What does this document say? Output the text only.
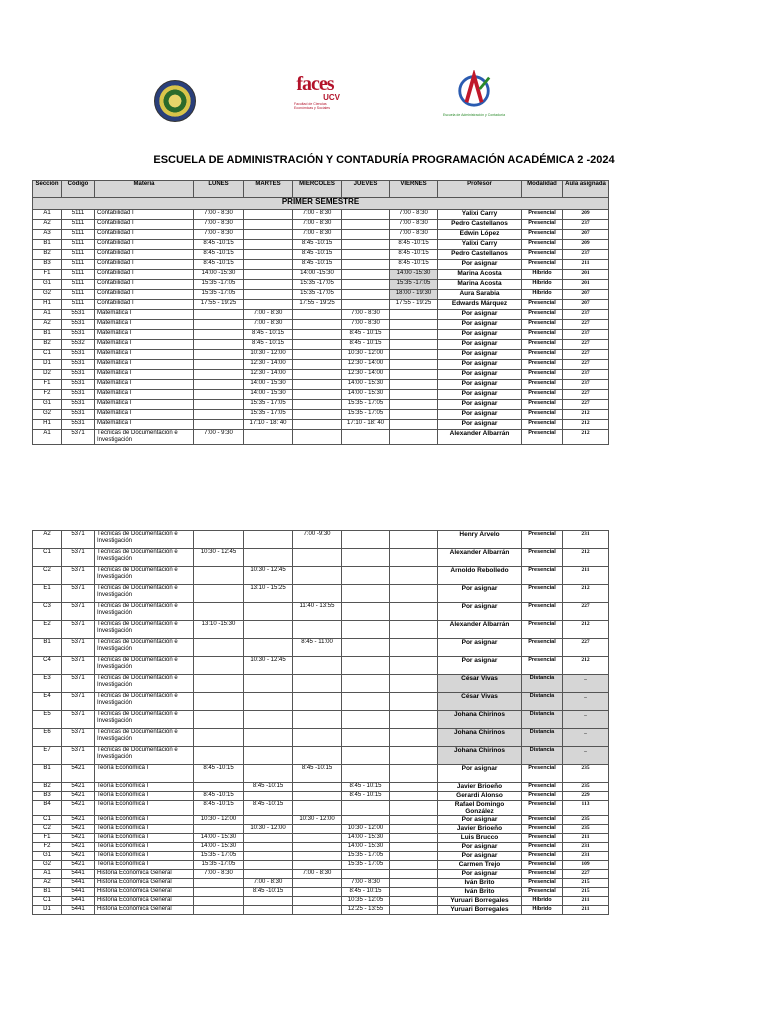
faces
UCV
Facultad de Ciencias Económicas y Sociales
Escuela de Administración y Contaduría
ESCUELA DE ADMINISTRACIÓN Y CONTADURÍA PROGRAMACIÓN ACADÉMICA 2 -2024
Sección	Código	Materia	LUNES	MARTES	MIERCOLES	JUEVES	VIERNES	Profesor	Modalidad	Aula asignada
PRIMER SEMESTRE										
A1	5111	Contabilidad I	7:00 - 8:30		7:00 - 8:30		7:00 - 8:30	Yalixi Carry	Presencial	209
A2	5111	Contabilidad I	7:00 - 8:30		7:00 - 8:30		7:00 - 8:30	Pedro Castellanos	Presencial	237
A3	5111	Contabilidad I	7:00 - 8:30		7:00 - 8:30		7:00 - 8:30	Edwin López	Presencial	207
B1	5111	Contabilidad I	8:45 -10:15		8:45 -10:15		8:45 -10:15	Yalixi Carry	Presencial	209
B2	5111	Contabilidad I	8:45 -10:15		8:45 -10:15		8:45 -10:15	Pedro Castellanos	Presencial	237
B3	5111	Contabilidad I	8:45 -10:15		8:45 -10:15		8:45 -10:15	Por asignar	Presencial	211
F1	5111	Contabilidad I	14:00 -15:30		14:00 -15:30		14:00 -15:30	Marina Acosta	Híbrido	201
G1	5111	Contabilidad I	15:35 -17:05		15:35 -17:05		15:35 -17:05	Marina Acosta	Híbrido	201
G2	5111	Contabilidad I	15:35 -17:05		15:35 -17:05		18:00 - 19:30	Aura Sarabia	Híbrido	207
H1	5111	Contabilidad I	17:55 - 19:25		17:55 - 19:25		17:55 - 19:25	Edwards Márquez	Presencial	207
A1	5531	Matemática I		7:00 - 8:30		7:00 - 8:30		Por asignar	Presencial	237
A2	5531	Matemática I		7:00 - 8:30		7:00 - 8:30		Por asignar	Presencial	227
B1	5531	Matemática I		8:45 - 10:15		8:45 - 10:15		Por asignar	Presencial	237
B2	5532	Matemática I		8:45 - 10:15		8:45 - 10:15		Por asignar	Presencial	227
C1	5531	Matemática I		10:30 - 12:00		10:30 - 12:00		Por asignar	Presencial	227
D1	5531	Matemática I		12:30 - 14:00		12:30 - 14:00		Por asignar	Presencial	227
D2	5531	Matemática I		12:30 - 14:00		12:30 - 14:00		Por asignar	Presencial	237
F1	5531	Matemática I		14:00 - 15:30		14:00 - 15:30		Por asignar	Presencial	237
F2	5531	Matemática I		14:00 - 15:30		14:00 - 15:30		Por asignar	Presencial	227
G1	5531	Matemática I		15:35 - 17:05		15:35 - 17:05		Por asignar	Presencial	227
G2	5531	Matemática I		15:35 - 17:05		15:35 - 17:05		Por asignar	Presencial	212
H1	5531	Matemática I		17:10 - 18: 40		17:10 - 18: 40		Por asignar	Presencial	212
A1	5371	Técnicas de Documentación e Investigación	7:00 - 9:30					Alexander Albarrán	Presencial	212
A2	5371	Técnicas de Documentación e Investigación			7:00 -9:30			Henry Arvelo	Presencial	231
C1	5371	Técnicas de Documentación e Investigación	10:30 - 12:45					Alexander Albarrán	Presencial	212
C2	5371	Técnicas de Documentación e Investigación		10:30 - 12:45				Arnoldo Rebolledo	Presencial	211
E1	5371	Técnicas de Documentación e Investigación		13:10 - 15:25				Por asignar	Presencial	212
C3	5371	Técnicas de Documentación e Investigación			11:40 - 13:55			Por asignar	Presencial	227
E2	5371	Técnicas de Documentación e Investigación	13:10 -15:30					Alexander Albarrán	Presencial	212
B1	5371	Técnicas de Documentación e Investigación			8:45 - 11:00			Por asignar	Presencial	227
C4	5371	Técnicas de Documentación e Investigación		10:30 - 12:45				Por asignar	Presencial	212
E3	5371	Técnicas de Documentación e Investigación						César Vivas	Distancia	_
E4	5371	Técnicas de Documentación e Investigación						César Vivas	Distancia	_
E5	5371	Técnicas de Documentación e Investigación						Johana Chirinos	Distancia	_
E6	5371	Técnicas de Documentación e Investigación						Johana Chirinos	Distancia	_
E7	5371	Técnicas de Documentación e Investigación						Johana Chirinos	Distancia	_
B1	5421	Teoría Económica I	8:45 -10:15		8:45 -10:15			Por asignar	Presencial	235
B2	5421	Teoría Económica I		8:45 -10:15		8:45 - 10:15		Javier Brioeño	Presencial	235
B3	5421	Teoría Económica I	8:45 -10:15			8:45 - 10:15		Gerardi Alonso	Presencial	229
B4	5421	Teoría Económica I	8:45 -10:15	8:45 -10:15				Rafael Domingo González	Presencial	113
C1	5421	Teoría Económica I	10:30 - 12:00		10:30 - 12:00			Por asignar	Presencial	235
C2	5421	Teoría Económica I		10:30 - 12:00		10:30 - 12:00		Javier Brioeño	Presencial	235
F1	5421	Teoría Económica I	14:00 - 15:30			14:00 - 15:30		Luis Brucco	Presencial	211
F2	5421	Teoría Económica I	14:00 - 15:30			14:00 - 15:30		Por asignar	Presencial	231
G1	5421	Teoría Económica I	15:35 - 17:05			15:35 - 17:05		Por asignar	Presencial	231
G2	5421	Teoría Económica I	15:35 -17:05			15:35 - 17:05		Carmen Trejo	Presencial	109
A1	5441	Historia Económica General	7:00 - 8:30		7:00 - 8:30			Por asignar	Presencial	227
A2	5441	Historia Económica General		7:00 - 8:30		7:00 - 8:30		Iván Brito	Presencial	215
B1	5441	Historia Económica General		8:45 -10:15		8:45 - 10:15		Iván Brito	Presencial	215
C1	5441	Historia Económica General				10:35 - 12:05		Yuruari Borregales	Híbrido	211
D1	5441	Historia Económica General				12:25 - 13:55		Yuruari Borregales	Híbrido	211
